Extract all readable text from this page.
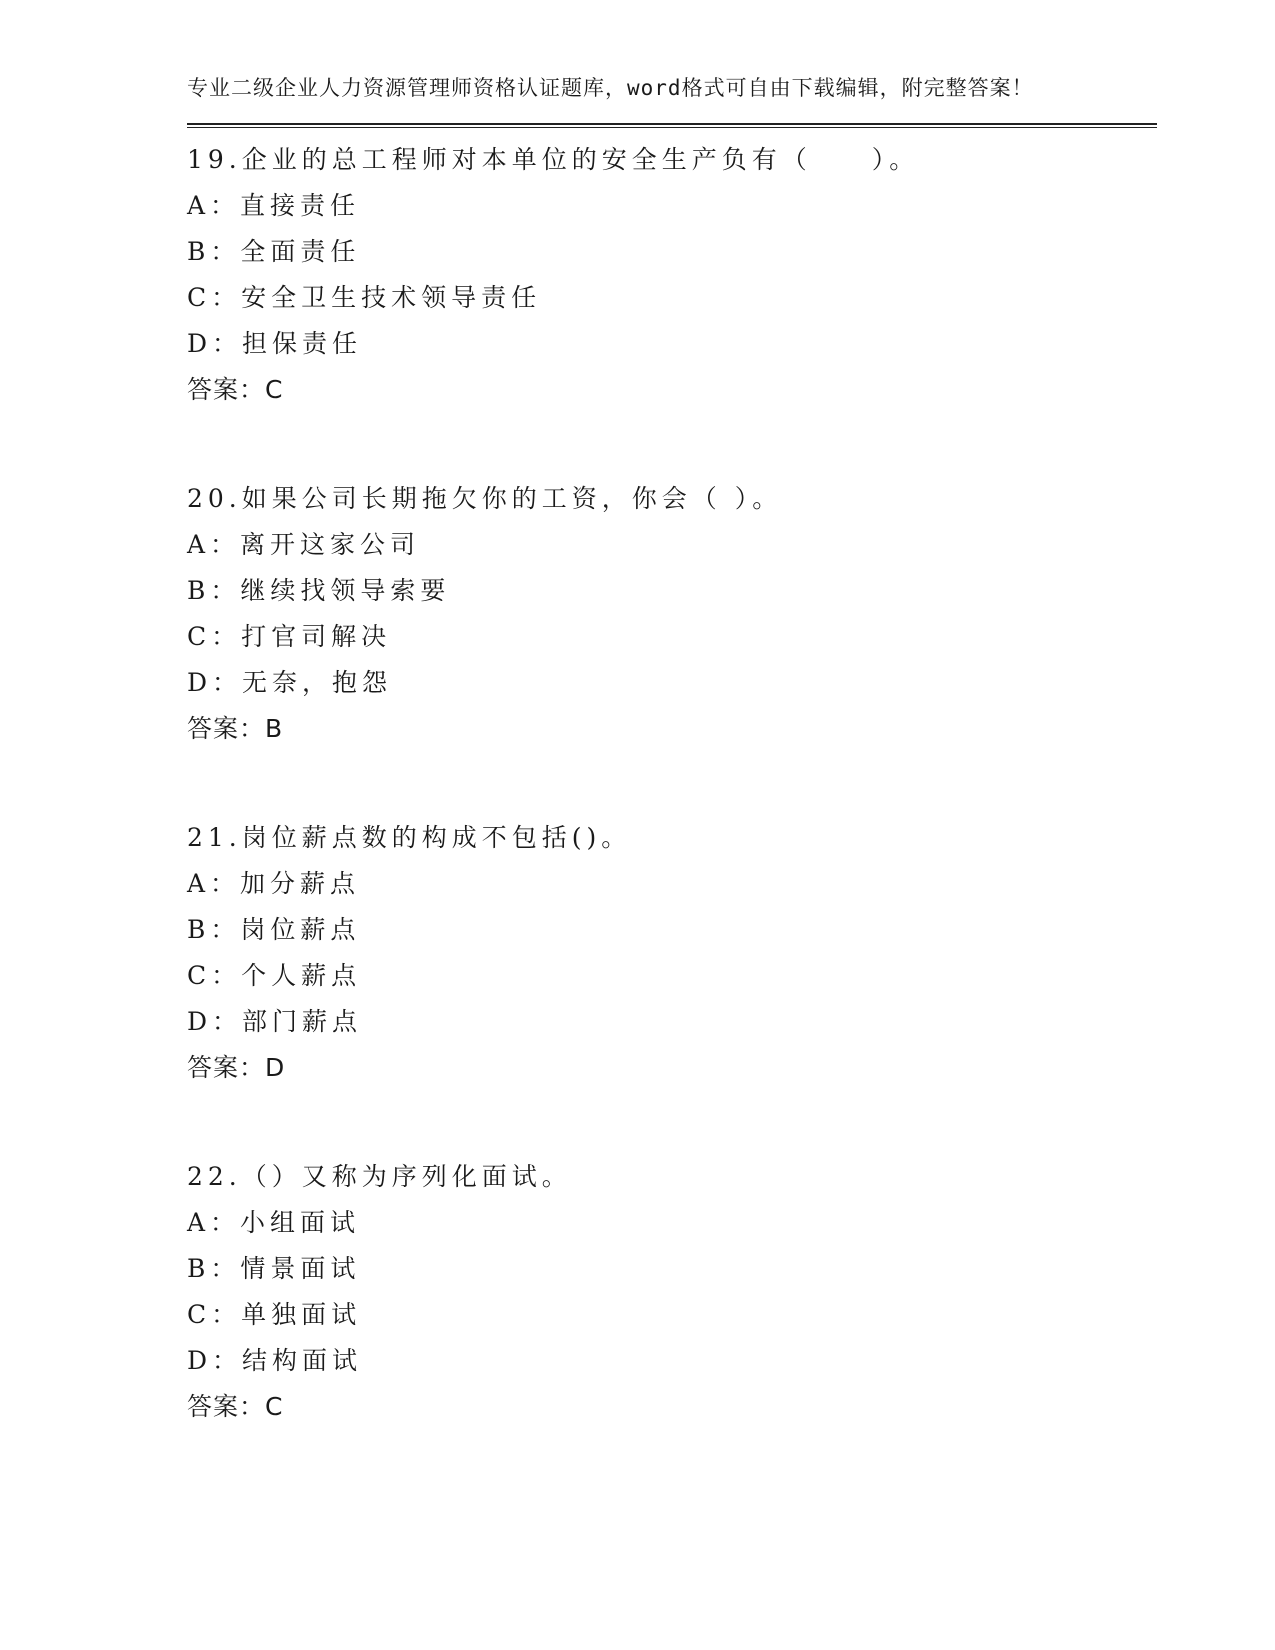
专业二级企业人力资源管理师资格认证题库，word格式可自由下载编辑，附完整答案！
19.企业的总工程师对本单位的安全生产负有（　　）。
A：直接责任
B：全面责任
C：安全卫生技术领导责任
D：担保责任
答案：C
20.如果公司长期拖欠你的工资，你会（ ）。
A：离开这家公司
B：继续找领导索要
C：打官司解决
D：无奈，抱怨
答案：B
21.岗位薪点数的构成不包括()。
A：加分薪点
B：岗位薪点
C：个人薪点
D：部门薪点
答案：D
22.（）又称为序列化面试。
A：小组面试
B：情景面试
C：单独面试
D：结构面试
答案：C
